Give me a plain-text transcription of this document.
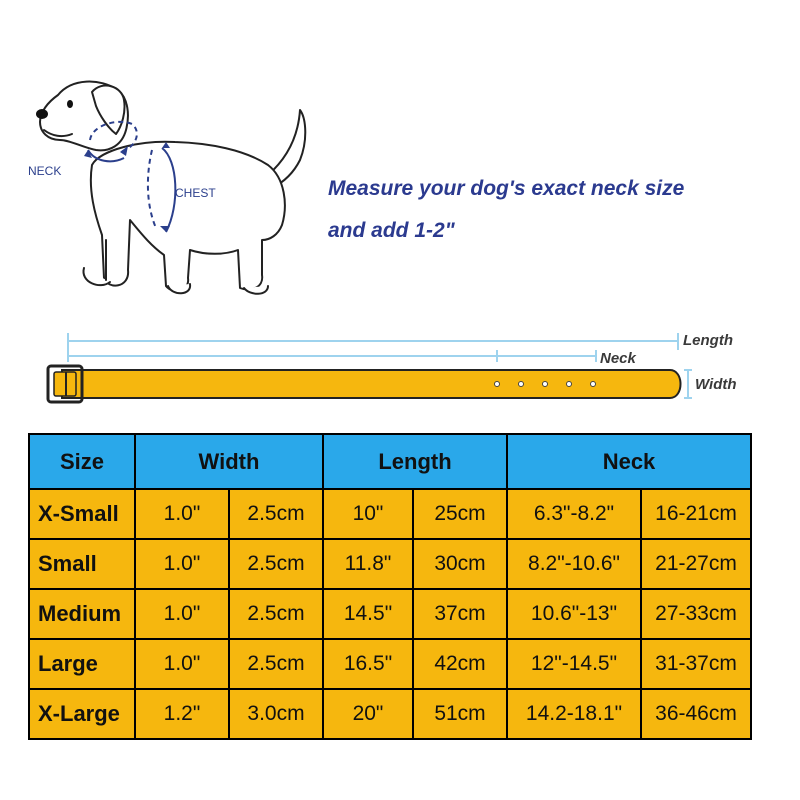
NECK
CHEST	Measure your dog's exact neck size
and add 1-2"
Length
Neck
Width
Size	Width		Length		Neck	
X-Small	1.0"	2.5cm	10"	25cm	6.3"-8.2"	16-21cm
Small	1.0"	2.5cm	11.8"	30cm	8.2"-10.6"	21-27cm
Medium	1.0"	2.5cm	14.5"	37cm	10.6"-13"	27-33cm
Large	1.0"	2.5cm	16.5"	42cm	12"-14.5"	31-37cm
X-Large	1.2"	3.0cm	20"	51cm	14.2-18.1"	36-46cm
